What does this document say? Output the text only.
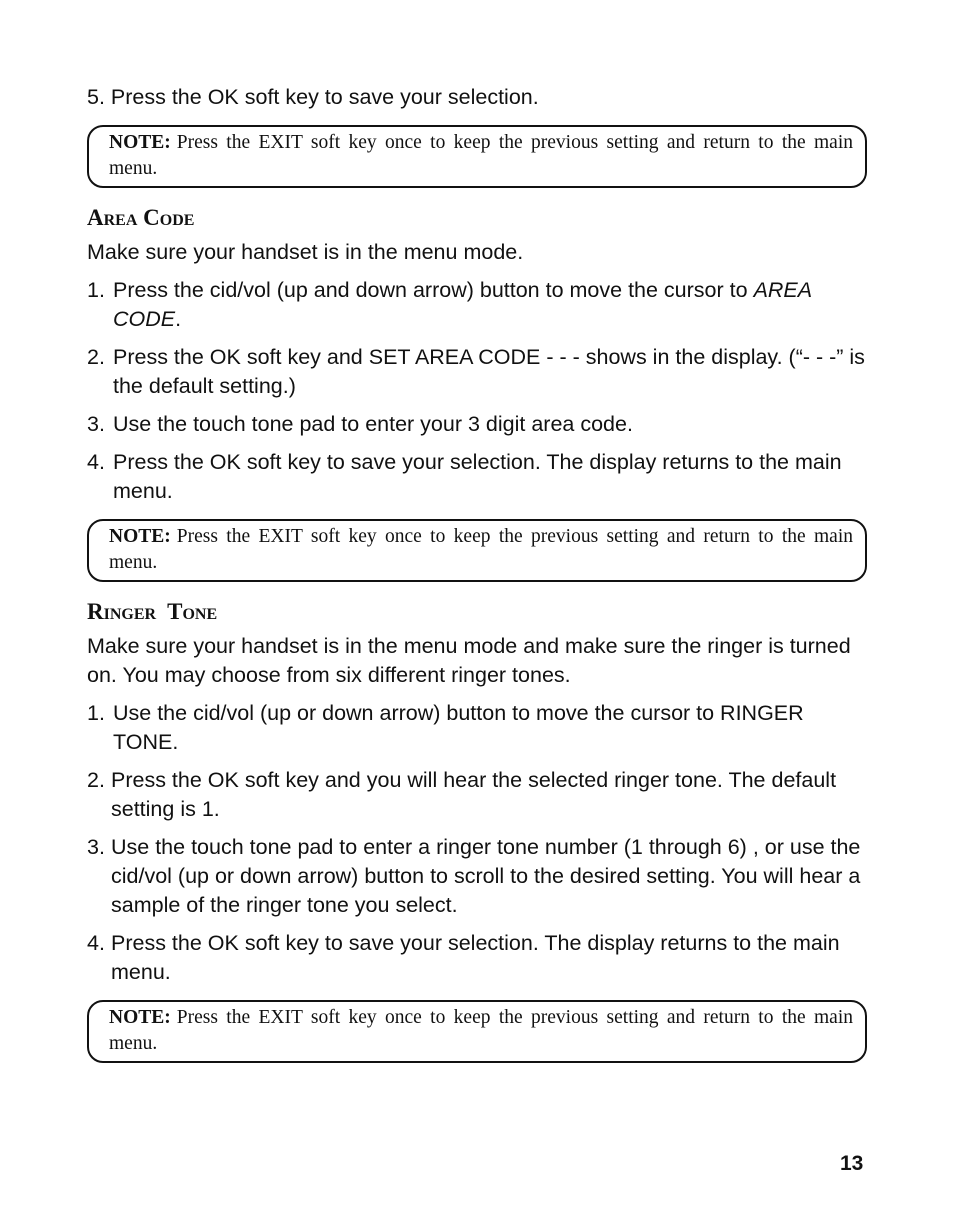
5. Press the OK soft key to save your selection.

NOTE: Press the EXIT soft key once to keep the previous setting and return to the main menu.
Area Code

Make sure your handset is in the menu mode.

1. Press the cid/vol (up and down arrow) button to move the cursor to AREA CODE.
2. Press the OK soft key and SET AREA CODE - - - shows in the display. (“- - -” is the default setting.)
3. Use the touch tone pad to enter your 3 digit area code.
4. Press the OK soft key to save your selection. The display returns to the main menu.
NOTE: Press the EXIT soft key once to keep the previous setting and return to the main menu.
Ringer  Tone

Make sure your handset is in the menu mode and make sure the ringer is turned on. You may choose from six different ringer tones.

1. Use the cid/vol (up or down arrow) button to move the cursor to RINGER TONE.
2. Press the OK soft key and you will hear the selected ringer tone. The default setting is 1.
3. Use the touch tone pad to enter a ringer tone number (1 through 6) , or use the cid/vol (up or down arrow) button to scroll to the desired setting. You will hear a sample of the ringer tone you select.
4. Press the OK soft key to save your selection. The display returns to the main menu.
NOTE: Press the EXIT soft key once to keep the previous setting and return to the main menu.
13
